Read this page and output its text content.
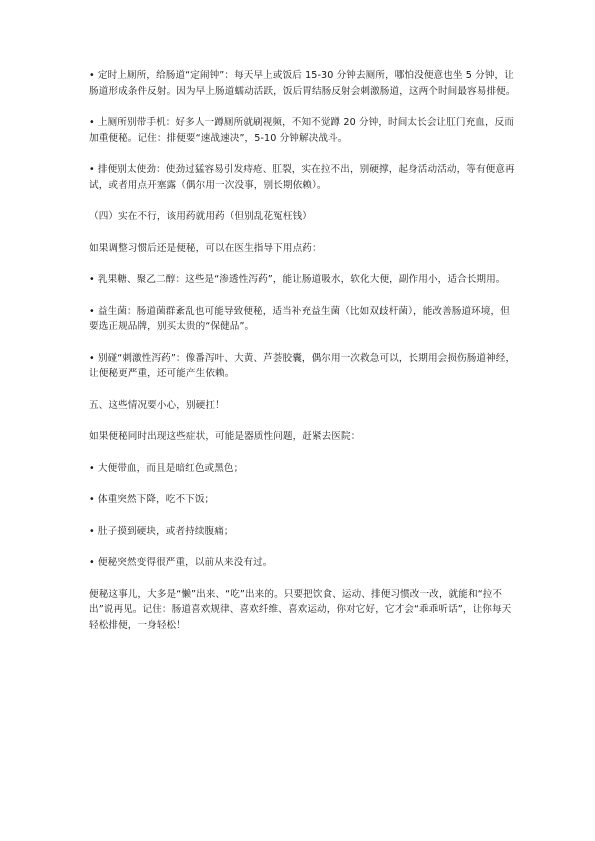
• 定时上厕所，给肠道“定闹钟”：每天早上或饭后 15-30 分钟去厕所，哪怕没便意也坐 5 分钟，让肠道形成条件反射。因为早上肠道蠕动活跃，饭后胃结肠反射会刺激肠道，这两个时间最容易排便。

• 上厕所别带手机：好多人一蹲厕所就刷视频，不知不觉蹲 20 分钟，时间太长会让肛门充血，反而加重便秘。记住：排便要“速战速决”，5-10 分钟解决战斗。

• 排便别太使劲：使劲过猛容易引发痔疮、肛裂，实在拉不出，别硬撑，起身活动活动，等有便意再试，或者用点开塞露（偶尔用一次没事，别长期依赖）。

（四）实在不行，该用药就用药（但别乱花冤枉钱）

如果调整习惯后还是便秘，可以在医生指导下用点药：

• 乳果糖、聚乙二醇：这些是“渗透性泻药”，能让肠道吸水，软化大便，副作用小，适合长期用。

• 益生菌：肠道菌群紊乱也可能导致便秘，适当补充益生菌（比如双歧杆菌），能改善肠道环境，但要选正规品牌，别买太贵的“保健品”。

• 别碰“刺激性泻药”：像番泻叶、大黄、芦荟胶囊，偶尔用一次救急可以，长期用会损伤肠道神经，让便秘更严重，还可能产生依赖。

五、这些情况要小心，别硬扛！

如果便秘同时出现这些症状，可能是器质性问题，赶紧去医院：

• 大便带血，而且是暗红色或黑色；

• 体重突然下降，吃不下饭；

• 肚子摸到硬块，或者持续腹痛；

• 便秘突然变得很严重，以前从来没有过。

便秘这事儿，大多是“懒”出来、“吃”出来的。只要把饮食、运动、排便习惯改一改，就能和“拉不出”说再见。记住：肠道喜欢规律、喜欢纤维、喜欢运动，你对它好，它才会“乖乖听话”，让你每天轻松排便，一身轻松！
